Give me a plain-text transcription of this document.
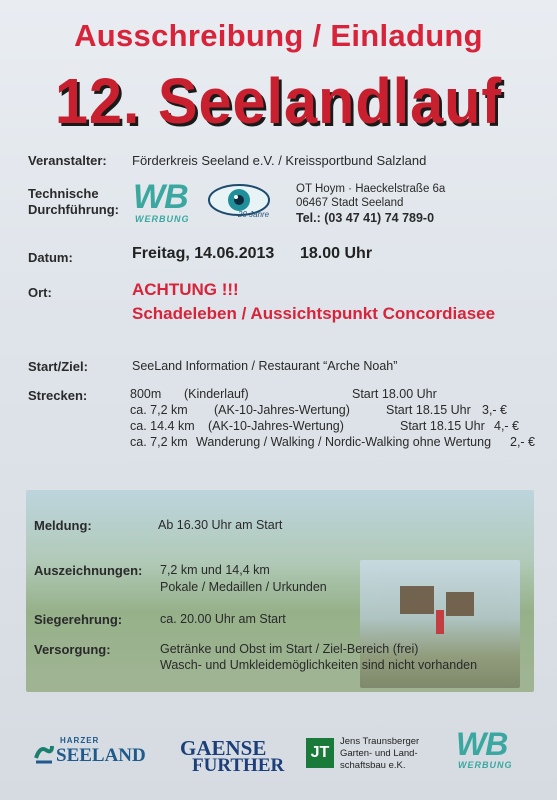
Ausschreibung / Einladung
12. Seelandlauf
Veranstalter: Förderkreis Seeland e.V. / Kreissportbund Salzland
Technische
Durchführung: WB
WERBUNG	20 Jahre
OT Hoym · Haeckelstraße 6a
06467 Stadt Seeland
Tel.: (03 47 41) 74 789-0
Datum:	Freitag, 14.06.2013 18.00 Uhr
Ort:	ACHTUNG !!!
Schadeleben / Aussichtspunkt Concordiasee
Start/Ziel:	SeeLand Information / Restaurant “Arche Noah”
Strecken:	800m (Kinderlauf)	Start 18.00 Uhr
ca. 7,2 km (AK-10-Jahres-Wertung)	Start 18.15 Uhr 3,- €
ca. 14.4 km (AK-10-Jahres-Wertung)	Start 18.15 Uhr 4,- €
ca. 7,2 km Wanderung / Walking / Nordic-Walking ohne Wertung 2,- €
Meldung:	Ab 16.30 Uhr am Start
Auszeichnungen: 7,2 km und 14,4 km
Pokale / Medaillen / Urkunden
Siegerehrung:	ca. 20.00 Uhr am Start
Versorgung:	Getränke und Obst im Start / Ziel-Bereich (frei)
Wasch- und Umkleidemöglichkeiten sind nicht vorhanden
HARZER
SEELAND GAENSE
FURTHER
JT
Jens Traunsberger
Garten- und Land-
schaftsbau e.K.
WB
WERBUNG
